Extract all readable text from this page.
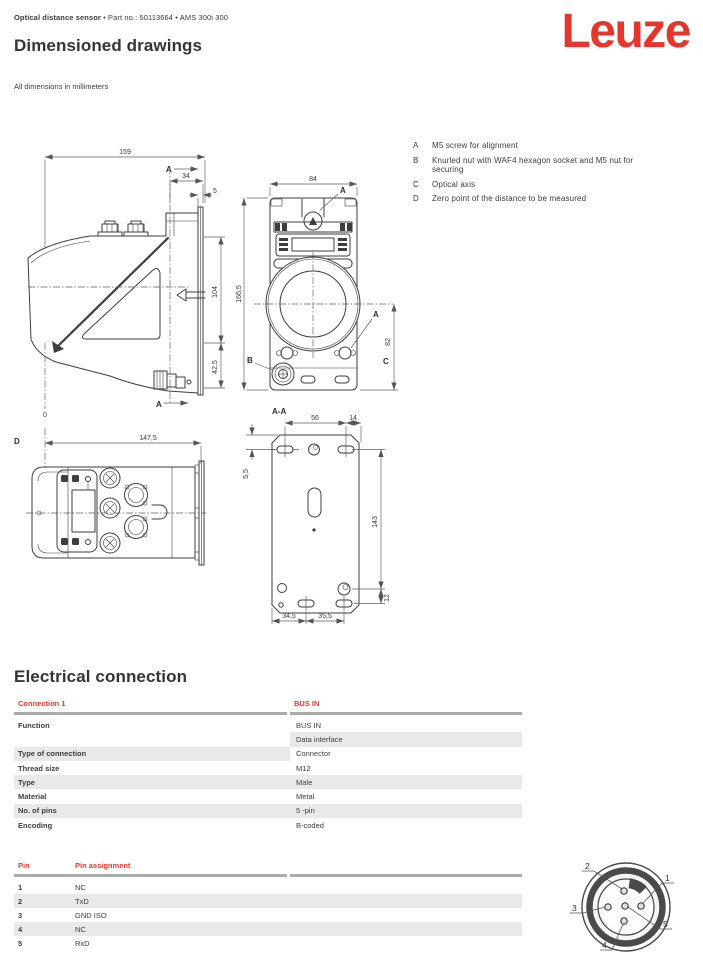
Optical distance sensor • Part no.: 50113664 • AMS 300i 300	Leuze
Dimensioned drawings
All dimensions in millimeters
A	M5 screw for alignment
B	Knurled nut with WAF4 hexagon socket and M5 nut for securing
C	Optical axis
D	Zero point of the distance to be measured
159
A
34
5
104
42,5
0
A
84
166,5
A
B
A
82
C
D	147,5
A-A
56	14
5,5
143
12
34,5	35,5
Electrical connection
Connection 1	BUS IN
Function	BUS IN
Data interface
Type of connection	Connector
Thread size	M12
Type	Male
Material	Metal
No. of pins	5 -pin
Encoding	B-coded
Pin	Pin assignment
1	NC
2	TxD
3	GND ISO
4	NC
5	RxD
2
1
3
5
4
